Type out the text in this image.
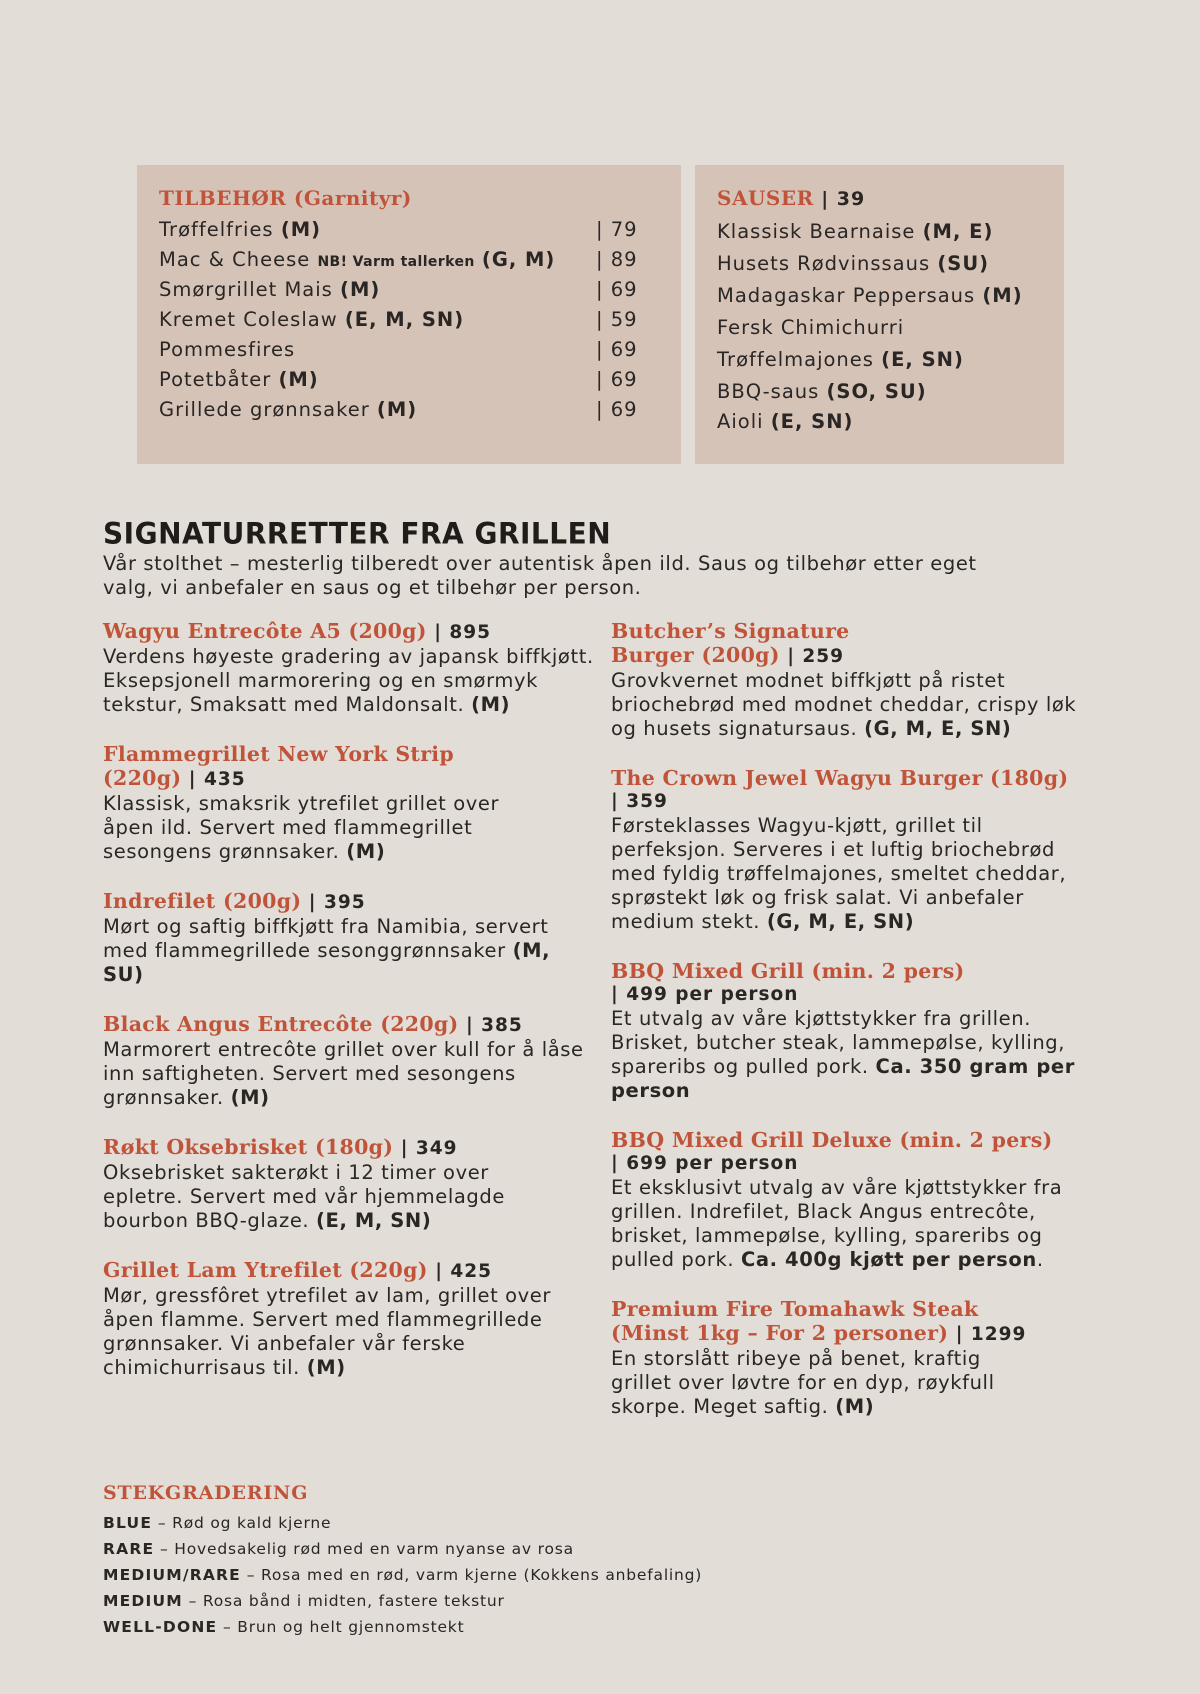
TILBEHØR (Garnityr)
Trøffelfries (M)	| 79
Mac & Cheese NB! Varm tallerken (G, M) | 89
Smørgrillet Mais (M)	| 69
Kremet Coleslaw (E, M, SN)	| 59
Pommesfires	| 69
Potetbåter (M)	| 69
Grillede grønnsaker (M)	| 69
SAUSER | 39
Klassisk Bearnaise (M, E)
Husets Rødvinssaus (SU)
Madagaskar Peppersaus (M)
Fersk Chimichurri
Trøffelmajones (E, SN)
BBQ-saus (SO, SU)
Aioli (E, SN)
SIGNATURRETTER FRA GRILLEN
Vår stolthet – mesterlig tilberedt over autentisk åpen ild. Saus og tilbehør etter eget valg, vi anbefaler en saus og et tilbehør per person.
Wagyu Entrecôte A5 (200g) | 895
Verdens høyeste gradering av japansk biffkjøtt. Eksepsjonell marmorering og en smørmyk tekstur, Smaksatt med Maldonsalt. (M)
Flammegrillet New York Strip (220g) | 435
Klassisk, smaksrik ytrefilet grillet over åpen ild. Servert med flammegrillet sesongens grønnsaker. (M)
Indrefilet (200g) | 395
Mørt og saftig biffkjøtt fra Namibia, servert med flammegrillede sesonggrønnsaker (M, SU)
Black Angus Entrecôte (220g) | 385
Marmorert entrecôte grillet over kull for å låse inn saftigheten. Servert med sesongens grønnsaker. (M)
Røkt Oksebrisket (180g) | 349
Oksebrisket sakterøkt i 12 timer over epletre. Servert med vår hjemmelagde bourbon BBQ-glaze. (E, M, SN)
Grillet Lam Ytrefilet (220g) | 425
Mør, gressfôret ytrefilet av lam, grillet over åpen flamme. Servert med flammegrillede grønnsaker. Vi anbefaler vår ferske chimichurrisaus til. (M)
Butcher’s Signature Burger (200g) | 259
Grovkvernet modnet biffkjøtt på ristet briochebrød med modnet cheddar, crispy løk og husets signatursaus. (G, M, E, SN)
The Crown Jewel Wagyu Burger (180g)
| 359
Førsteklasses Wagyu-kjøtt, grillet til perfeksjon. Serveres i et luftig briochebrød med fyldig trøffelmajones, smeltet cheddar, sprøstekt løk og frisk salat. Vi anbefaler medium stekt. (G, M, E, SN)
BBQ Mixed Grill (min. 2 pers)
| 499 per person
Et utvalg av våre kjøttstykker fra grillen. Brisket, butcher steak, lammepølse, kylling, spareribs og pulled pork. Ca. 350 gram per person
BBQ Mixed Grill Deluxe (min. 2 pers)
| 699 per person
Et eksklusivt utvalg av våre kjøttstykker fra grillen. Indrefilet, Black Angus entrecôte, brisket, lammepølse, kylling, spareribs og pulled pork. Ca. 400g kjøtt per person.
Premium Fire Tomahawk Steak (Minst 1kg – For 2 personer) | 1299
En storslått ribeye på benet, kraftig grillet over løvtre for en dyp, røykfull skorpe. Meget saftig. (M)
STEKGRADERING
BLUE – Rød og kald kjerne
RARE – Hovedsakelig rød med en varm nyanse av rosa
MEDIUM/RARE – Rosa med en rød, varm kjerne (Kokkens anbefaling)
MEDIUM – Rosa bånd i midten, fastere tekstur
WELL-DONE – Brun og helt gjennomstekt
